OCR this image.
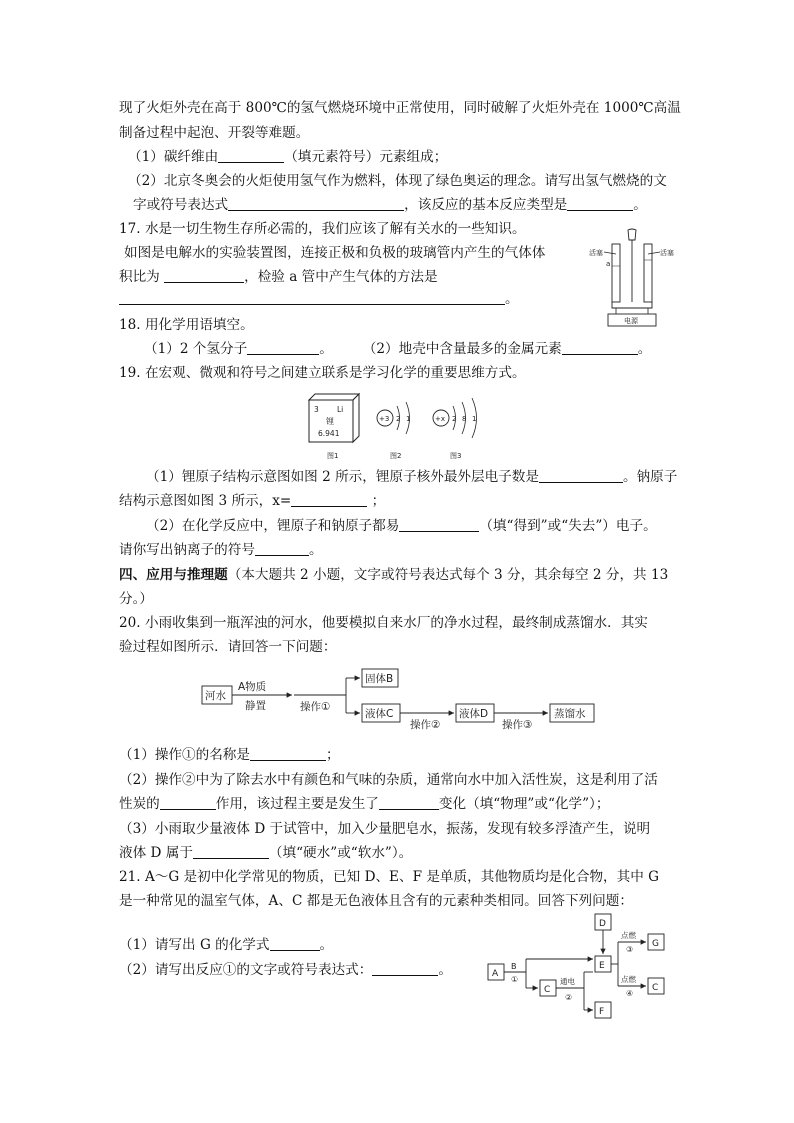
现了火炬外壳在高于 800℃的氢气燃烧环境中正常使用，同时破解了火炬外壳在 1000℃高温
制备过程中起泡、开裂等难题。
（1）碳纤维由	（填元素符号）元素组成；
（2）北京冬奥会的火炬使用氢气作为燃料，体现了绿色奥运的理念。请写出氢气燃烧的文
字或符号表达式	，该反应的基本反应类型是	。
17. 水是一切生物生存所必需的，我们应该了解有关水的一些知识。
如图是电解水的实验装置图，连接正极和负极的玻璃管内产生的气体体
积比为	，检验 a 管中产生气体的方法是
。
活塞	活塞
a
电源
18. 用化学用语填空。
（1）2 个氢分子	。 （2）地壳中含量最多的金属元素	。
19. 在宏观、微观和符号之间建立联系是学习化学的重要思维方式。
3 Li
锂
6.941
图1
+3 2 1
图2
+x 2 8 1
图3
（1）锂原子结构示意图如图 2 所示，锂原子核外最外层电子数是	。钠原子
结构示意图如图 3 所示，x=	；
（2）在化学反应中，锂原子和钠原子都易	（填“得到”或“失去”）电子。
请你写出钠离子的符号	。
四、应用与推理题（本大题共 2 小题，文字或符号表达式每个 3 分，其余每空 2 分，共 13
分。）
20. 小雨收集到一瓶浑浊的河水，他要模拟自来水厂的净水过程，最终制成蒸馏水．其实
验过程如图所示．请回答一下问题：
河水
A物质
静置	操作①
固体B
液体C
操作②
液体D
操作③
蒸馏水
（1）操作①的名称是	；
（2）操作②中为了除去水中有颜色和气味的杂质，通常向水中加入活性炭，这是利用了活
性炭的	作用，该过程主要是发生了	变化（填“物理”或“化学”）；
（3）小雨取少量液体 D 于试管中，加入少量肥皂水，振荡，发现有较多浮渣产生，说明
液体 D 属于	（填“硬水”或“软水”）。
21. A～G 是初中化学常见的物质，已知 D、E、F 是单质，其他物质均是化合物，其中 G
是一种常见的温室气体，A、C 都是无色液体且含有的元素种类相同。回答下列问题：
（1）请写出 G 的化学式	。
（2）请写出反应①的文字或符号表达式：	。	A
B
①
C
通电
②
E
F
D
点燃
③
点燃
④
G
C
